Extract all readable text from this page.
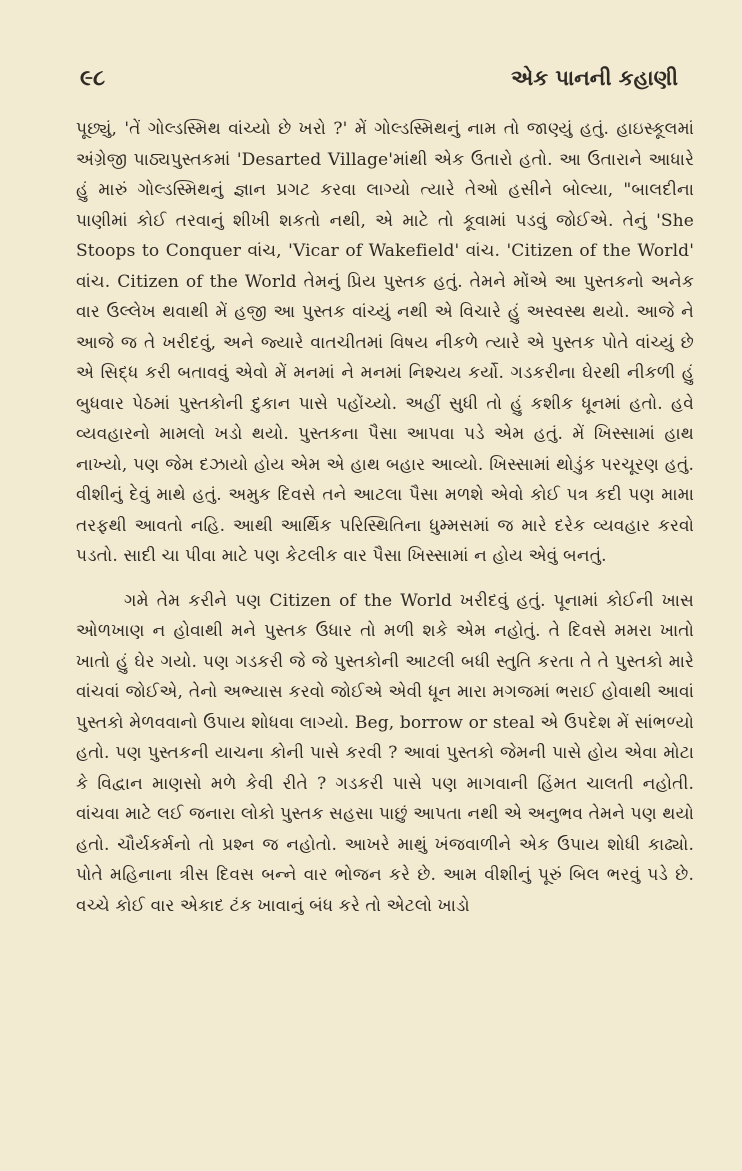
૯૮	એક પાનની કહાણી

પૂછ્યું, 'તેં ગોલ્ડસ્મિથ વાંચ્યો છે ખરો ?' મેં ગોલ્ડસ્મિથનું નામ તો જાણ્યું હતું. હાઇસ્કૂલમાં અંગ્રેજી પાઠ્યપુસ્તકમાં 'Desarted Village'માંથી એક ઉતારો હતો. આ ઉતારાને આધારે હું મારું ગોલ્ડસ્મિથનું જ્ઞાન પ્રગટ કરવા લાગ્યો ત્યારે તેઓ હસીને બોલ્યા, "બાલદીના પાણીમાં કોઈ તરવાનું શીખી શકતો નથી, એ માટે તો કૂવામાં પડવું જોઈએ. તેનું 'She Stoops to Conquer વાંચ, 'Vicar of Wakefield' વાંચ. 'Citizen of the World' વાંચ. Citizen of the World તેમનું પ્રિય પુસ્તક હતું. તેમને મોંએ આ પુસ્તકનો અનેક વાર ઉલ્લેખ થવાથી મેં હજી આ પુસ્તક વાંચ્યું નથી એ વિચારે હું અસ્વસ્થ થયો. આજે ને આજે જ તે ખરીદવું, અને જ્યારે વાતચીતમાં વિષય નીકળે ત્યારે એ પુસ્તક પોતે વાંચ્યું છે એ સિદ્ધ કરી બતાવવું એવો મેં મનમાં ને મનમાં નિશ્ચય કર્યો. ગડકરીના ઘેરથી નીકળી હું બુધવાર પેઠમાં પુસ્તકોની દુકાન પાસે પહોંચ્યો. અહીં સુધી તો હું કશીક ધૂનમાં હતો. હવે વ્યવહારનો મામલો ખડો થયો. પુસ્તકના પૈસા આપવા પડે એમ હતું. મેં ખિસ્સામાં હાથ નાખ્યો, પણ જેમ દઝાયો હોય એમ એ હાથ બહાર આવ્યો. ખિસ્સામાં થોડુંક પરચૂરણ હતું. વીશીનું દેવું માથે હતું. અમુક દિવસે તને આટલા પૈસા મળશે એવો કોઈ પત્ર કદી પણ મામા તરફથી આવતો નહિ. આથી આર્થિક પરિસ્થિતિના ધુમ્મસમાં જ મારે દરેક વ્યવહાર કરવો પડતો. સાદી ચા પીવા માટે પણ કેટલીક વાર પૈસા ખિસ્સામાં ન હોય એવું બનતું.

ગમે તેમ કરીને પણ Citizen of the World ખરીદવું હતું. પૂનામાં કોઈની ખાસ ઓળખાણ ન હોવાથી મને પુસ્તક ઉધાર તો મળી શકે એમ નહોતું. તે દિવસે મમરા ખાતો ખાતો હું ઘેર ગયો. પણ ગડકરી જે જે પુસ્તકોની આટલી બધી સ્તુતિ કરતા તે તે પુસ્તકો મારે વાંચવાં જોઈએ, તેનો અભ્યાસ કરવો જોઈએ એવી ધૂન મારા મગજમાં ભરાઈ હોવાથી આવાં પુસ્તકો મેળવવાનો ઉપાય શોધવા લાગ્યો. Beg, borrow or steal એ ઉપદેશ મેં સાંભળ્યો હતો. પણ પુસ્તકની યાચના કોની પાસે કરવી ? આવાં પુસ્તકો જેમની પાસે હોય એવા મોટા કે વિદ્વાન માણસો મળે કેવી રીતે ? ગડકરી પાસે પણ માગવાની હિંમત ચાલતી નહોતી. વાંચવા માટે લઈ જનારા લોકો પુસ્તક સહસા પાછું આપતા નથી એ અનુભવ તેમને પણ થયો હતો. ચૌર્યકર્મનો તો પ્રશ્ન જ નહોતો. આખરે માથું ખંજવાળીને એક ઉપાય શોધી કાઢ્યો. પોતે મહિનાના ત્રીસ દિવસ બન્ને વાર ભોજન કરે છે. આમ વીશીનું પૂરું બિલ ભરવું પડે છે. વચ્ચે કોઈ વાર એકાદ ટંક ખાવાનું બંધ કરે તો એટલો ખાડો
